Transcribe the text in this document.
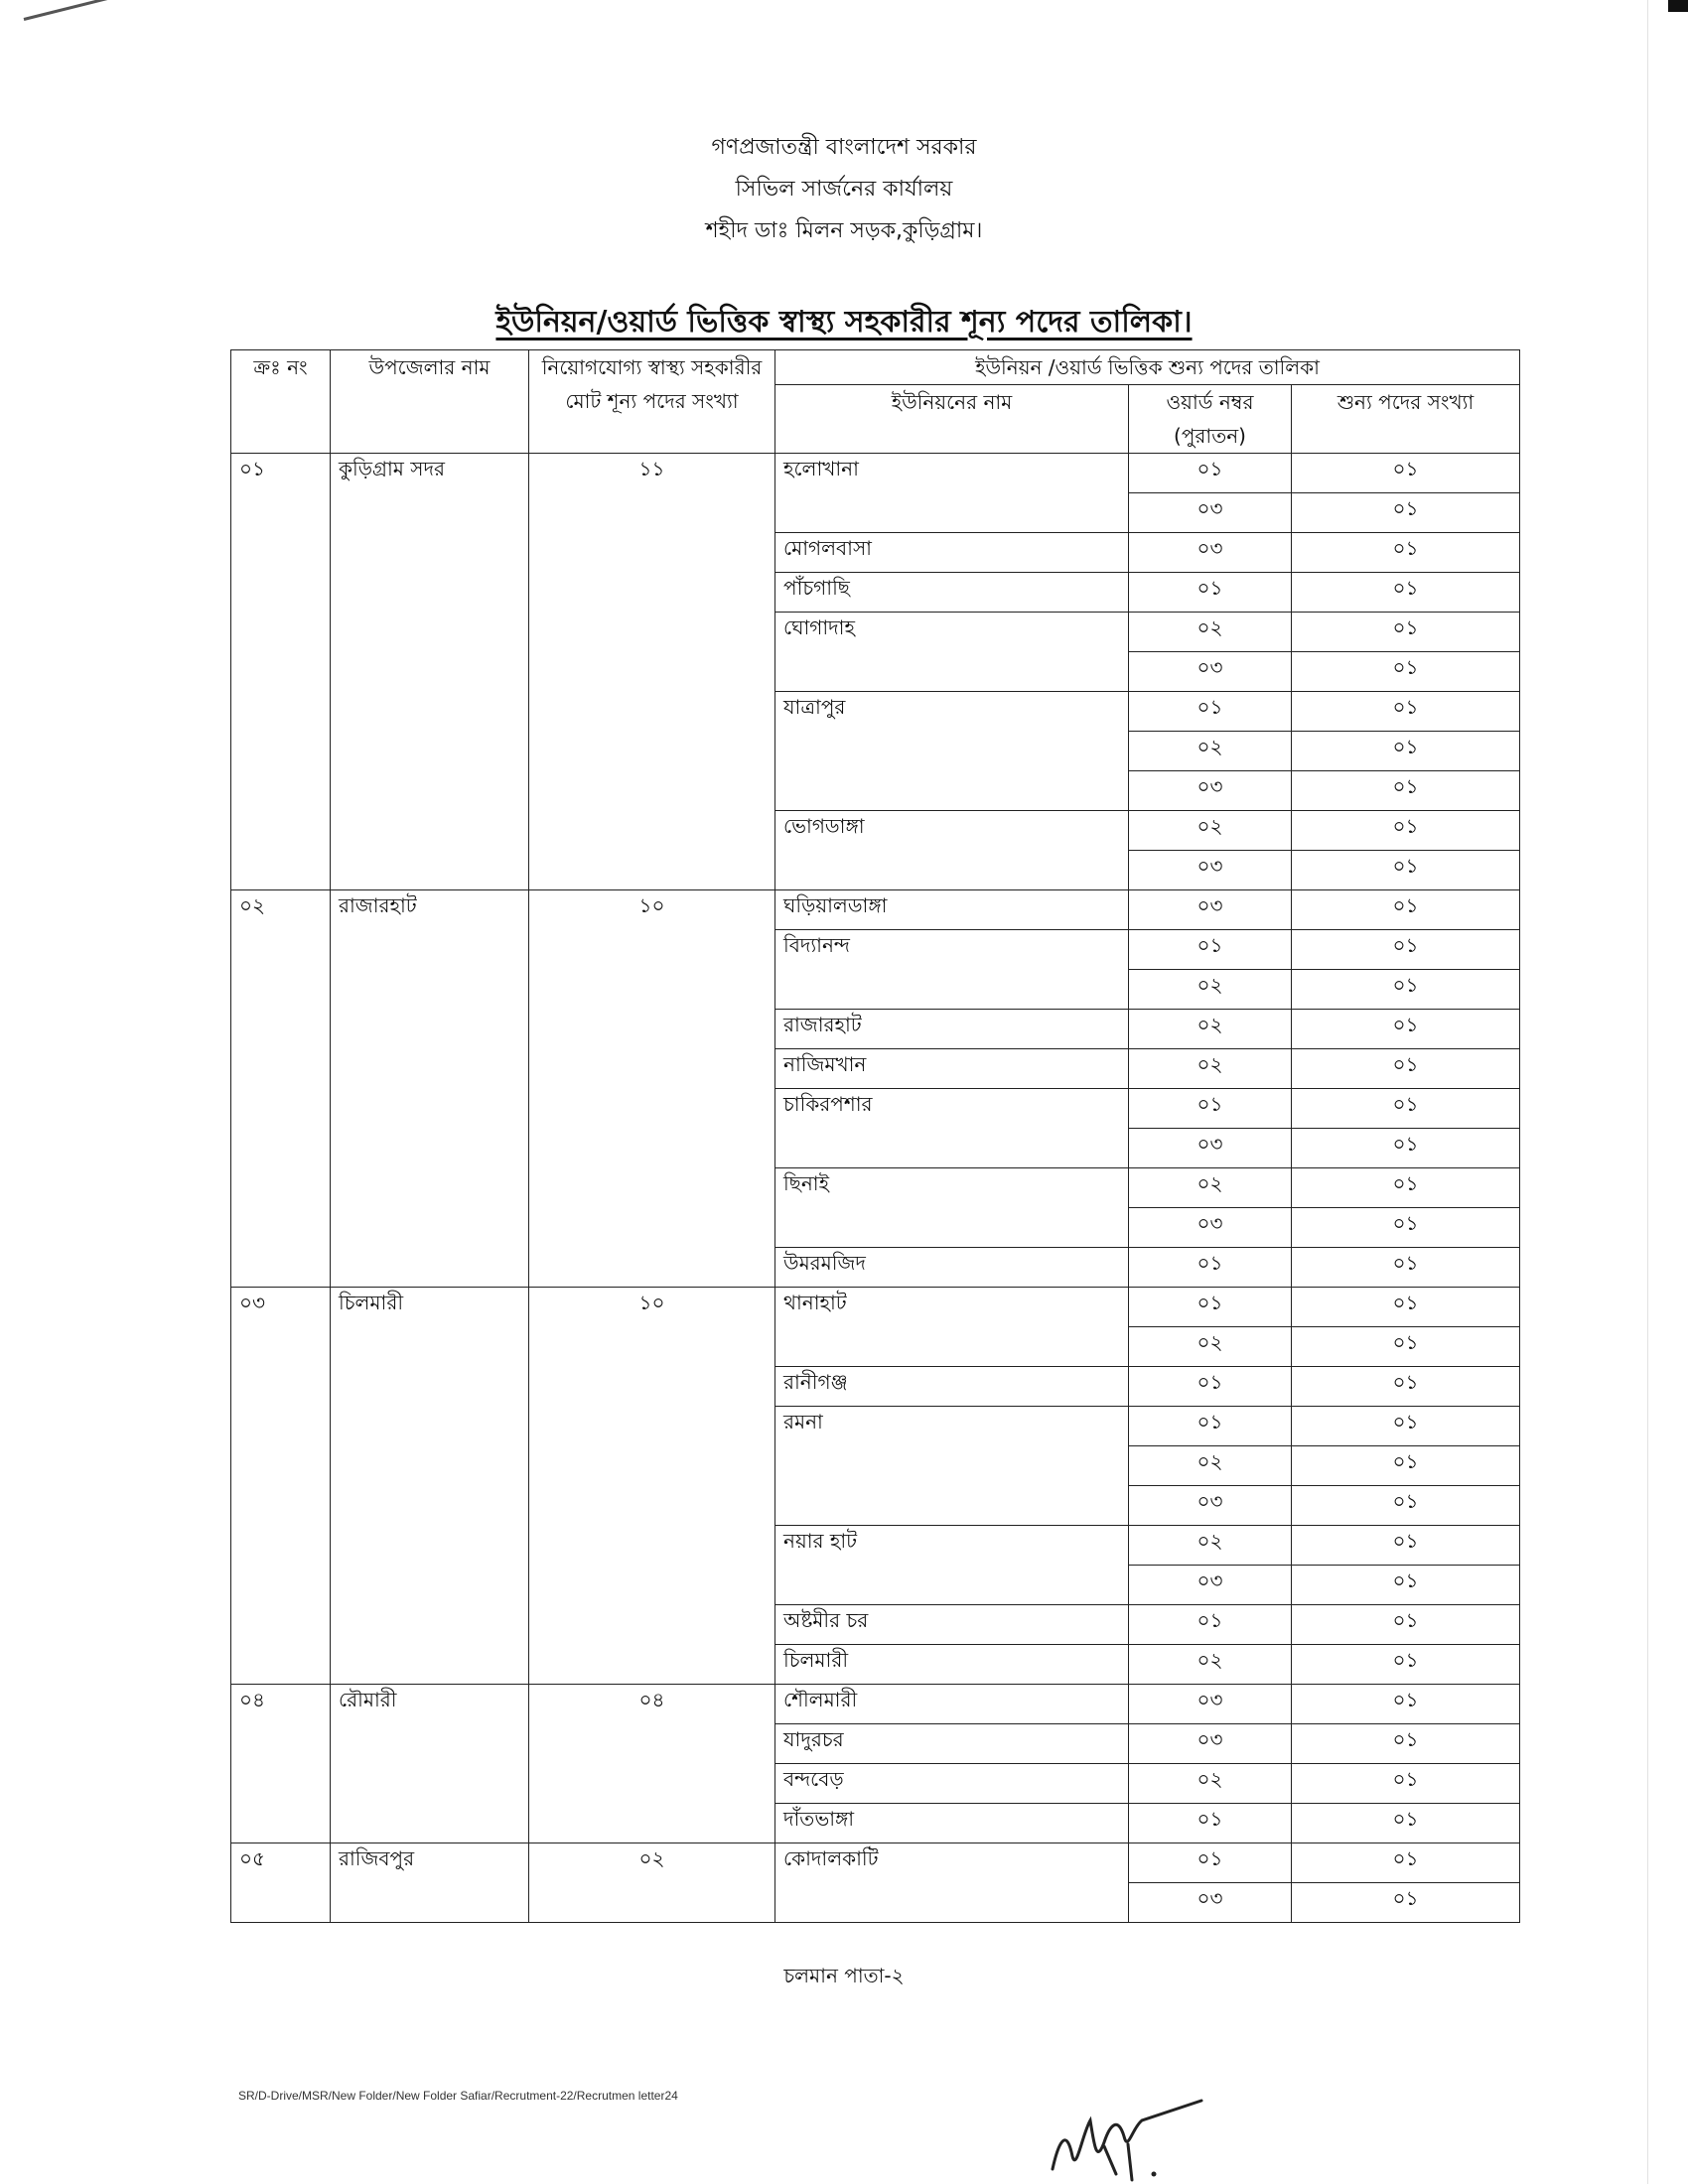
গণপ্রজাতন্ত্রী বাংলাদেশ সরকার
সিভিল সার্জনের কার্যালয়
শহীদ ডাঃ মিলন সড়ক,কুড়িগ্রাম।
ইউনিয়ন/ওয়ার্ড ভিত্তিক স্বাস্থ্য সহকারীর শূন্য পদের তালিকা।
ক্রঃ নং	উপজেলার নাম	নিয়োগযোগ্য স্বাস্থ্য সহকারীর মোট শূন্য পদের সংখ্যা	ইউনিয়ন /ওয়ার্ড ভিত্তিক শুন্য পদের তালিকা		
			ইউনিয়নের নাম	ওয়ার্ড নম্বর (পুরাতন)	শুন্য পদের সংখ্যা
০১	কুড়িগ্রাম সদর	১১	হলোখানা	০১	০১
				০৩	০১
			মোগলবাসা	০৩	০১
			পাঁচগাছি	০১	০১
			ঘোগাদাহ	০২	০১
				০৩	০১
			যাত্রাপুর	০১	০১
				০২	০১
				০৩	০১
			ভোগডাঙ্গা	০২	০১
				০৩	০১
০২	রাজারহাট	১০	ঘড়িয়ালডাঙ্গা	০৩	০১
			বিদ্যানন্দ	০১	০১
				০২	০১
			রাজারহাট	০২	০১
			নাজিমখান	০২	০১
			চাকিরপশার	০১	০১
				০৩	০১
			ছিনাই	০২	০১
				০৩	০১
			উমরমজিদ	০১	০১
০৩	চিলমারী	১০	থানাহাট	০১	০১
				০২	০১
			রানীগঞ্জ	০১	০১
			রমনা	০১	০১
				০২	০১
				০৩	০১
			নয়ার হাট	০২	০১
				০৩	০১
			অষ্টমীর চর	০১	০১
			চিলমারী	০২	০১
০৪	রৌমারী	০৪	শৌলমারী	০৩	০১
			যাদুরচর	০৩	০১
			বন্দবেড়	০২	০১
			দাঁতভাঙ্গা	০১	০১
০৫	রাজিবপুর	০২	কোদালকাটি	০১	০১
				০৩	০১
চলমান পাতা-২
SR/D-Drive/MSR/New Folder/New Folder Safiar/Recrutment-22/Recrutmen letter24
